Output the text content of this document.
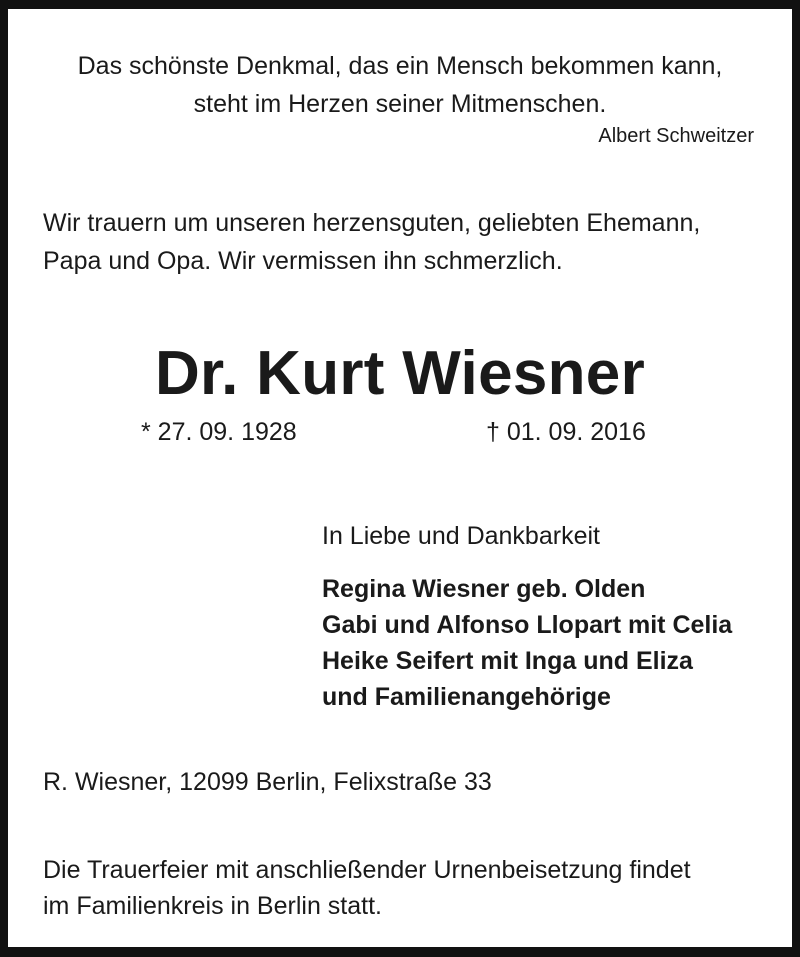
Das schönste Denkmal, das ein Mensch bekommen kann,
steht im Herzen seiner Mitmenschen.
Albert Schweitzer
Wir trauern um unseren herzensguten, geliebten Ehemann,
Papa und Opa. Wir vermissen ihn schmerzlich.
Dr. Kurt Wiesner
* 27. 09. 1928	† 01. 09. 2016
In Liebe und Dankbarkeit
Regina Wiesner geb. Olden
Gabi und Alfonso Llopart mit Celia
Heike Seifert mit Inga und Eliza
und Familienangehörige
R. Wiesner, 12099 Berlin, Felixstraße 33
Die Trauerfeier mit anschließender Urnenbeisetzung findet
im Familienkreis in Berlin statt.
